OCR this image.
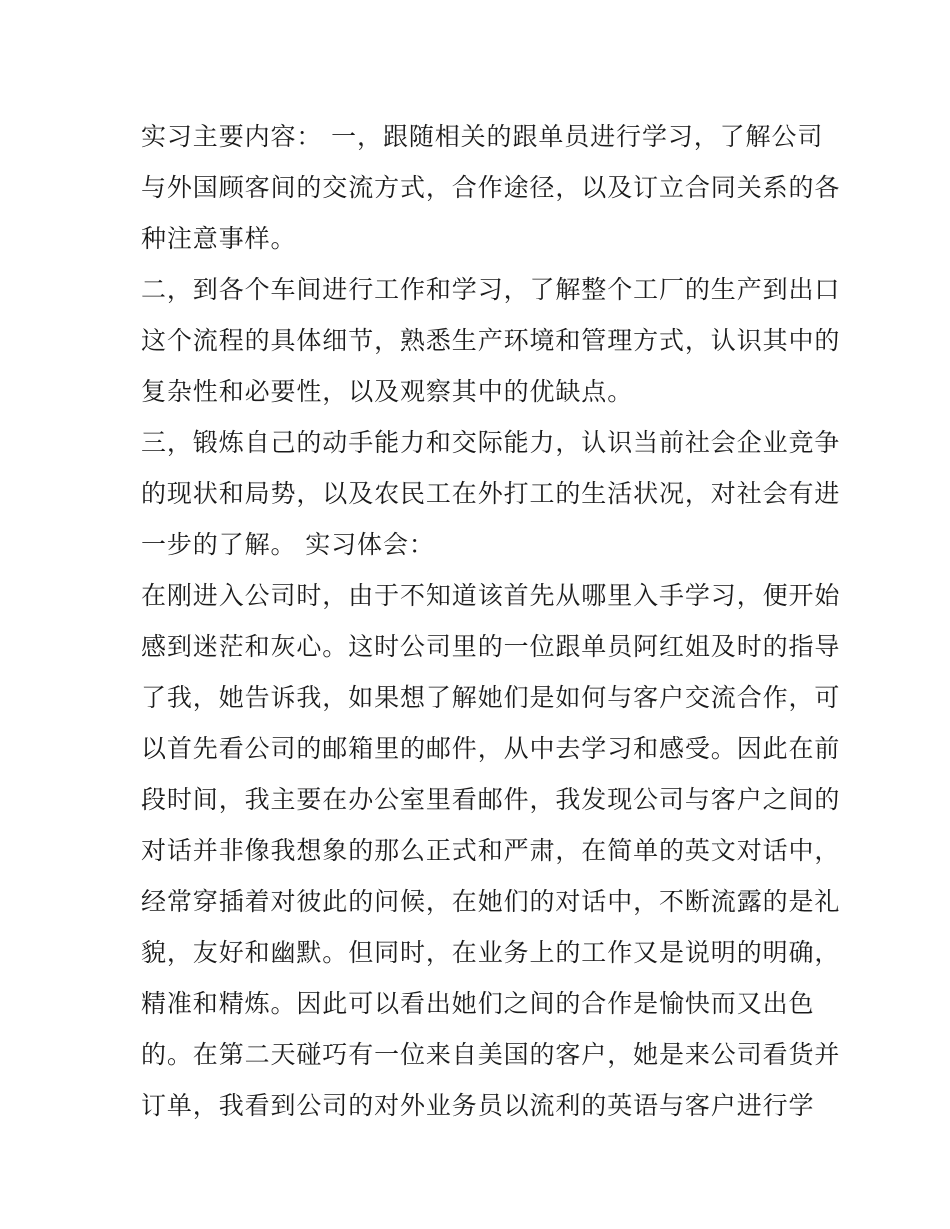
实习主要内容： 一，跟随相关的跟单员进行学习，了解公司
与外国顾客间的交流方式，合作途径，以及订立合同关系的各
种注意事样。
二，到各个车间进行工作和学习，了解整个工厂的生产到出口
这个流程的具体细节，熟悉生产环境和管理方式，认识其中的
复杂性和必要性，以及观察其中的优缺点。
三，锻炼自己的动手能力和交际能力，认识当前社会企业竞争
的现状和局势，以及农民工在外打工的生活状况，对社会有进
一步的了解。 实习体会：
在刚进入公司时，由于不知道该首先从哪里入手学习，便开始
感到迷茫和灰心。这时公司里的一位跟单员阿红姐及时的指导
了我，她告诉我，如果想了解她们是如何与客户交流合作，可
以首先看公司的邮箱里的邮件，从中去学习和感受。因此在前
段时间，我主要在办公室里看邮件，我发现公司与客户之间的
对话并非像我想象的那么正式和严肃，在简单的英文对话中，
经常穿插着对彼此的问候，在她们的对话中，不断流露的是礼
貌，友好和幽默。但同时，在业务上的工作又是说明的明确，
精准和精炼。因此可以看出她们之间的合作是愉快而又出色
的。在第二天碰巧有一位来自美国的客户，她是来公司看货并
订单，我看到公司的对外业务员以流利的英语与客户进行学
